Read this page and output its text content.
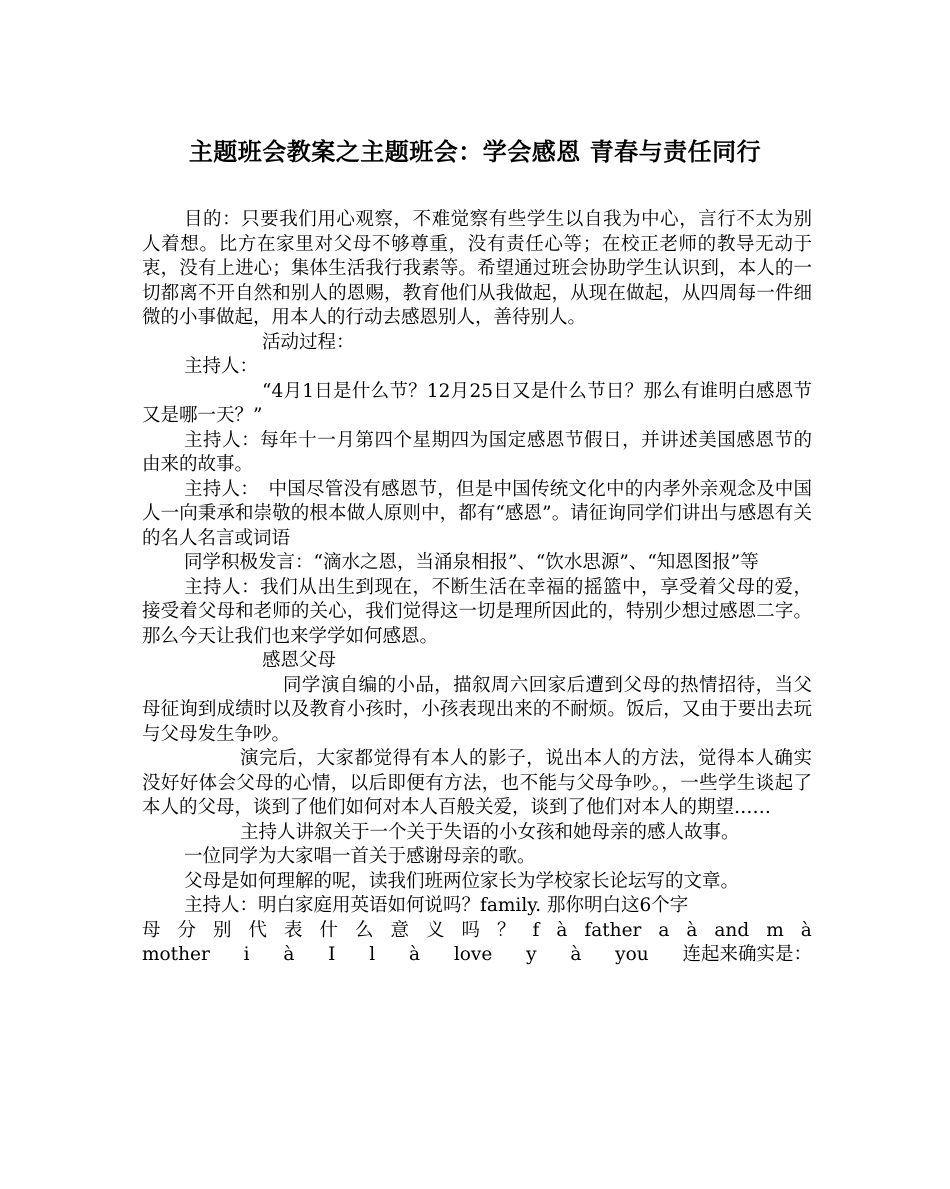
主题班会教案之主题班会：学会感恩 青春与责任同行

目的：只要我们用心观察，不难觉察有些学生以自我为中心，言行不太为别人着想。比方在家里对父母不够尊重，没有责任心等；在校正老师的教导无动于衷，没有上进心；集体生活我行我素等。希望通过班会协助学生认识到，本人的一切都离不开自然和别人的恩赐，教育他们从我做起，从现在做起，从四周每一件细微的小事做起，用本人的行动去感恩别人，善待别人。

活动过程：

主持人：

“4月1日是什么节？12月25日又是什么节日？那么有谁明白感恩节又是哪一天？”

主持人：每年十一月第四个星期四为国定感恩节假日，并讲述美国感恩节的由来的故事。

主持人：　中国尽管没有感恩节，但是中国传统文化中的内孝外亲观念及中国人一向秉承和崇敬的根本做人原则中，都有“感恩”。请征询同学们讲出与感恩有关的名人名言或词语

同学积极发言：“滴水之恩，当涌泉相报”、“饮水思源”、“知恩图报”等

主持人：我们从出生到现在，不断生活在幸福的摇篮中，享受着父母的爱，接受着父母和老师的关心，我们觉得这一切是理所因此的，特别少想过感恩二字。那么今天让我们也来学学如何感恩。

感恩父母

同学演自编的小品，描叙周六回家后遭到父母的热情招待，当父母征询到成绩时以及教育小孩时，小孩表现出来的不耐烦。饭后，又由于要出去玩与父母发生争吵。

演完后，大家都觉得有本人的影子，说出本人的方法，觉得本人确实没好好体会父母的心情，以后即便有方法，也不能与父母争吵。，一些学生谈起了本人的父母，谈到了他们如何对本人百般关爱，谈到了他们对本人的期望……

主持人讲叙关于一个关于失语的小女孩和她母亲的感人故事。

一位同学为大家唱一首关于感谢母亲的歌。

父母是如何理解的呢，读我们班两位家长为学校家长论坛写的文章。

主持人：明白家庭用英语如何说吗？family. 那你明白这6个字

母 分 别 代 表 什 么 意 义 吗 ？ f à father a à and m à
mother i à I l à love y à you 连起来确实是：
